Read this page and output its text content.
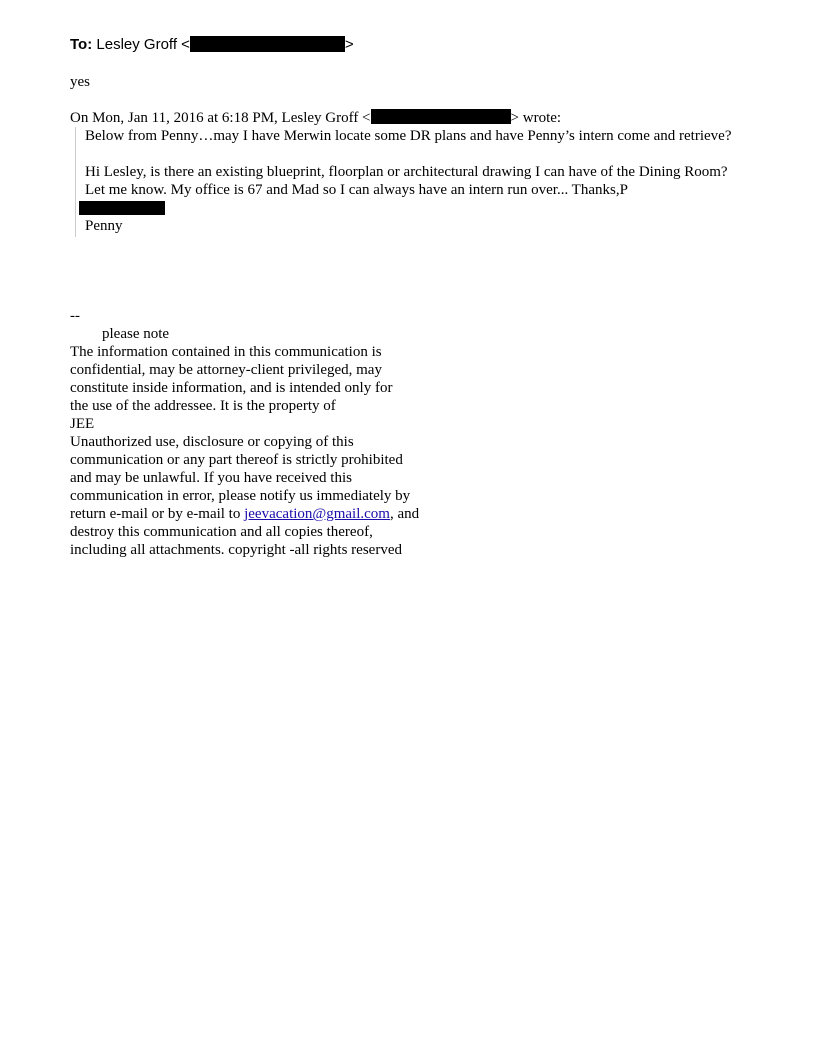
To: Lesley Groff <	>
yes
On Mon, Jan 11, 2016 at 6:18 PM, Lesley Groff <	> wrote:

Below from Penny…may I have Merwin locate some DR plans and have Penny’s intern come and retrieve?

Hi Lesley, is there an existing blueprint, floorplan or architectural drawing I can have of the Dining Room? Let me know. My office is 67 and Mad so I can always have an intern run over... Thanks,P

Penny

--
please note
The information contained in this communication is
confidential, may be attorney-client privileged, may
constitute inside information, and is intended only for
the use of the addressee. It is the property of
JEE
Unauthorized use, disclosure or copying of this
communication or any part thereof is strictly prohibited
and may be unlawful. If you have received this
communication in error, please notify us immediately by
return e-mail or by e-mail to jeevacation@gmail.com, and
destroy this communication and all copies thereof,
including all attachments. copyright -all rights reserved
